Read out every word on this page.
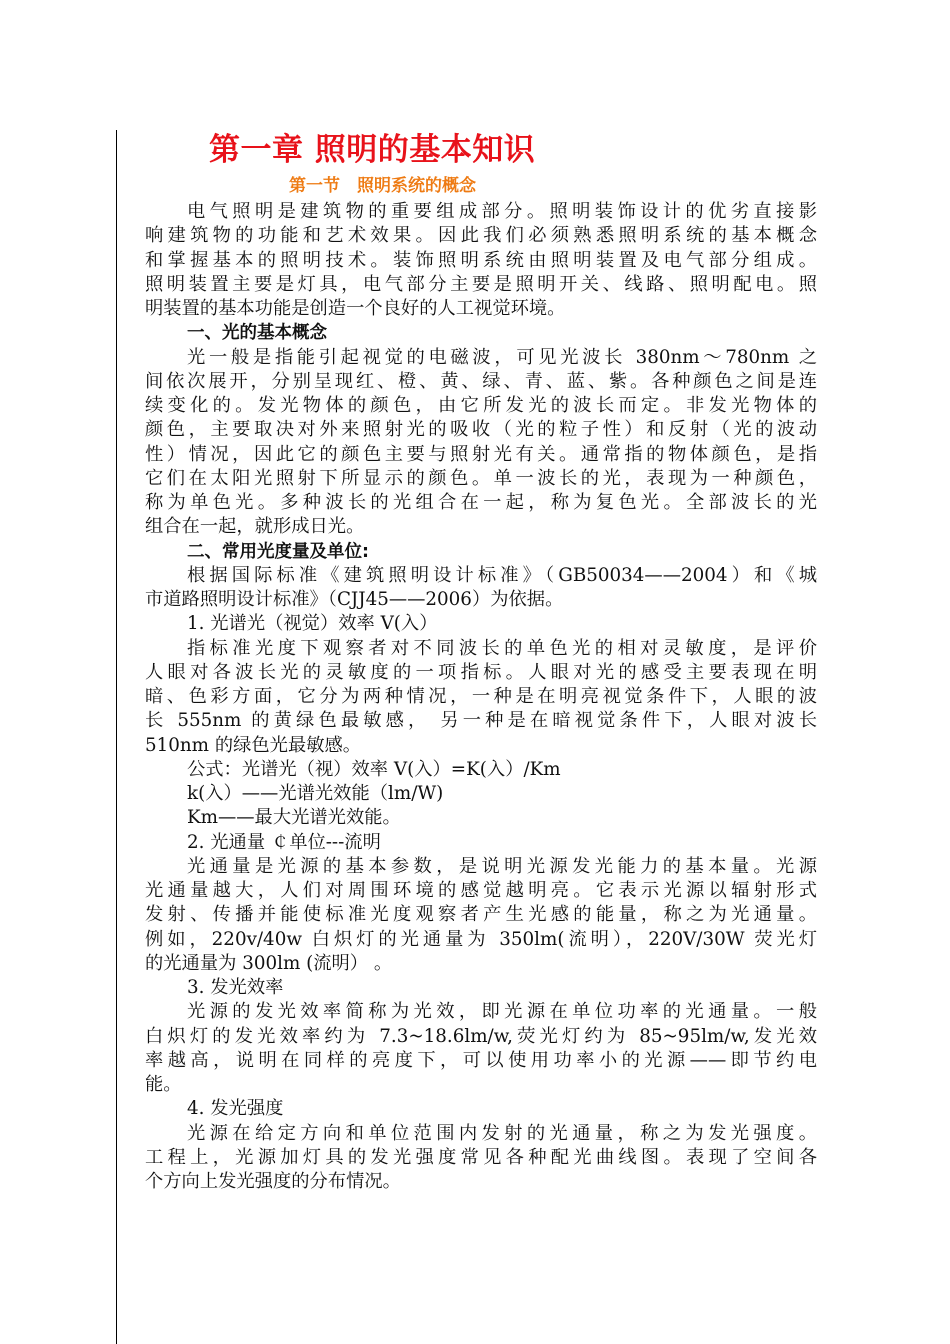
第一章 照明的基本知识
第一节　照明系统的概念
电气照明是建筑物的重要组成部分。照明装饰设计的优劣直接影
响建筑物的功能和艺术效果。因此我们必须熟悉照明系统的基本概念
和掌握基本的照明技术。装饰照明系统由照明装置及电气部分组成。
照明装置主要是灯具，电气部分主要是照明开关、线路、照明配电。照
明装置的基本功能是创造一个良好的人工视觉环境。
一、光的基本概念
光一般是指能引起视觉的电磁波，可见光波长 380nm～780nm 之
间依次展开，分别呈现红、橙、黄、绿、青、蓝、紫。各种颜色之间是连
续变化的。发光物体的颜色，由它所发光的波长而定。非发光物体的
颜色，主要取决对外来照射光的吸收（光的粒子性）和反射（光的波动
性）情况，因此它的颜色主要与照射光有关。通常指的物体颜色，是指
它们在太阳光照射下所显示的颜色。单一波长的光，表现为一种颜色，
称为单色光。多种波长的光组合在一起，称为复色光。全部波长的光
组合在一起，就形成日光。
二、常用光度量及单位:
根据国际标准《建筑照明设计标准》（GB50034——2004）和《城
市道路照明设计标准》（CJJ45——2006）为依据。
1. 光谱光（视觉）效率 V(入）
指标准光度下观察者对不同波长的单色光的相对灵敏度，是评价
人眼对各波长光的灵敏度的一项指标。人眼对光的感受主要表现在明
暗、色彩方面，它分为两种情况，一种是在明亮视觉条件下，人眼的波
长 555nm 的黄绿色最敏感， 另一种是在暗视觉条件下，人眼对波长
510nm 的绿色光最敏感。
公式：光谱光（视）效率 V(入）=K(入）/Km
k(入）——光谱光效能（lm/W)
Km——最大光谱光效能。
2. 光通量 ￠单位---流明
光通量是光源的基本参数，是说明光源发光能力的基本量。光源
光通量越大，人们对周围环境的感觉越明亮。它表示光源以辐射形式
发射、传播并能使标准光度观察者产生光感的能量，称之为光通量。
例如，220v/40w 白炽灯的光通量为 350lm(流明），220V/30W 荧光灯
的光通量为 300lm (流明） 。
3. 发光效率
光源的发光效率简称为光效，即光源在单位功率的光通量。一般
白炽灯的发光效率约为 7.3~18.6lm/w,荧光灯约为 85~95lm/w,发光效
率越高，说明在同样的亮度下，可以使用功率小的光源——即节约电
能。
4. 发光强度
光源在给定方向和单位范围内发射的光通量，称之为发光强度。
工程上，光源加灯具的发光强度常见各种配光曲线图。表现了空间各
个方向上发光强度的分布情况。
